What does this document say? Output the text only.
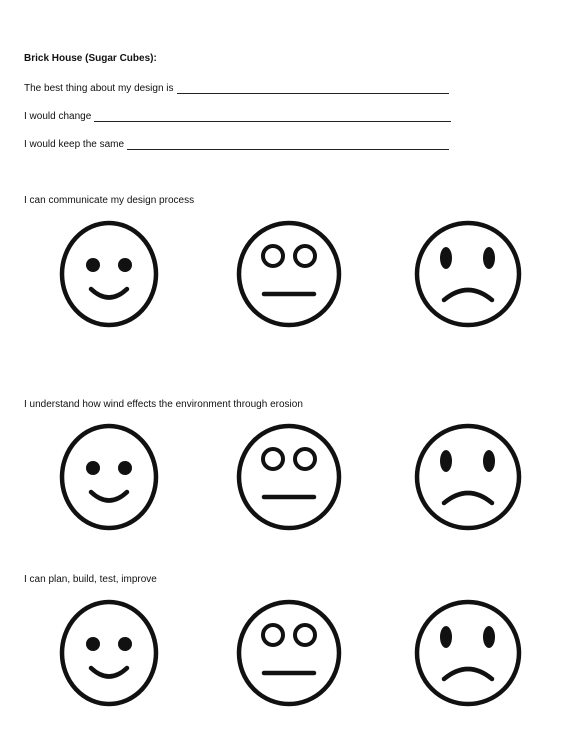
Brick House (Sugar Cubes):
The best thing about my design is
I would change
I would keep the same
I can communicate my design process
I understand how wind effects the environment through erosion
I can plan, build, test, improve
